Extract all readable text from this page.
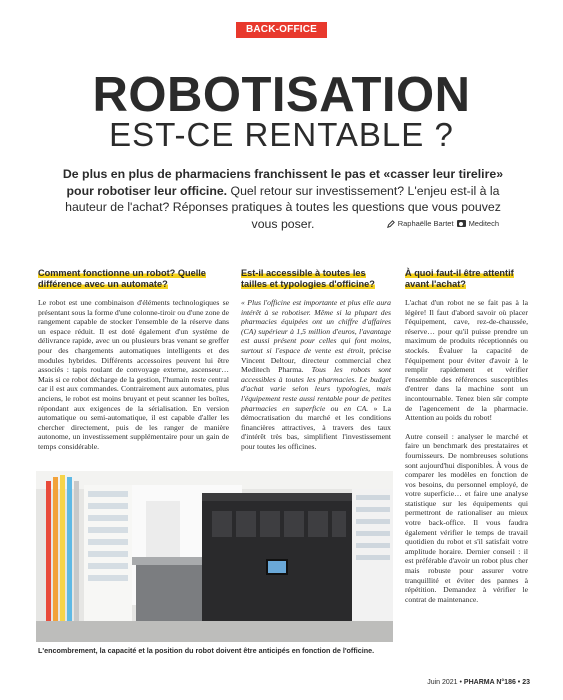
BACK-OFFICE
ROBOTISATION
EST-CE RENTABLE ?
De plus en plus de pharmaciens franchissent le pas et «casser leur tirelire» pour robotiser leur officine. Quel retour sur investissement? L'enjeu est-il à la hauteur de l'achat? Réponses pratiques à toutes les questions que vous pouvez vous poser.	Raphaëlle Bartet Meditech
Comment fonctionne un robot? Quelle différence avec un automate?

Le robot est une combinaison d'éléments technologiques se présentant sous la forme d'une colonne-tiroir ou d'une zone de rangement capable de stocker l'ensemble de la réserve dans un espace réduit. Il est doté également d'un système de délivrance rapide, avec un ou plusieurs bras venant se greffer pour des chargements automatiques intelligents et des modules hybrides. Différents accessoires peuvent lui être associés : tapis roulant de convoyage externe, ascenseur… Mais si ce robot décharge de la gestion, l'humain reste central car il est aux commandes. Contrairement aux automates, plus anciens, le robot est moins bruyant et peut scanner les boîtes, répondant aux exigences de la sérialisation. En version automatique ou semi-automatique, il est capable d'aller les chercher directement, puis de les ranger de manière autonome, un investissement supplémentaire pour un gain de temps considérable.

Est-il accessible à toutes les tailles et typologies d'officine?

« Plus l'officine est importante et plus elle aura intérêt à se robotiser. Même si la plupart des pharmacies équipées ont un chiffre d'affaires (CA) supérieur à 1,5 million d'euros, l'avantage est aussi présent pour celles qui font moins, surtout si l'espace de vente est étroit, précise Vincent Deltour, directeur commercial chez Meditech Pharma. Tous les robots sont accessibles à toutes les pharmacies. Le budget d'achat varie selon leurs typologies, mais l'équipement reste aussi rentable pour de petites pharmacies en superficie ou en CA. » La démocratisation du marché et les conditions financières attractives, à travers des taux d'intérêt très bas, simplifient l'investissement pour toutes les officines.

À quoi faut-il être attentif avant l'achat?

L'achat d'un robot ne se fait pas à la légère! Il faut d'abord savoir où placer l'équipement, cave, rez-de-chaussée, réserve… pour qu'il puisse prendre un maximum de produits réceptionnés ou stockés. Évaluer la capacité de l'équipement pour éviter d'avoir à le remplir rapidement et vérifier l'ensemble des références susceptibles d'entrer dans la machine sont un incontournable. Tenez bien sûr compte de l'agencement de la pharmacie. Attention au poids du robot!

Autre conseil : analyser le marché et faire un benchmark des prestataires et fournisseurs. De nombreuses solutions sont aujourd'hui disponibles. À vous de comparer les modèles en fonction de vos besoins, du personnel employé, de votre superficie… et faire une analyse statistique sur les équipements qui permettront de rationaliser au mieux votre back-office. Il vous faudra également vérifier le temps de travail quotidien du robot et s'il satisfait votre amplitude horaire. Dernier conseil : il est préférable d'avoir un robot plus cher mais robuste pour assurer votre tranquillité et éviter des pannes à répétition. Demandez à vérifier le contrat de maintenance.

L'encombrement, la capacité et la position du robot doivent être anticipés en fonction de l'officine.
Juin 2021 • PHARMA N°186 • 23
